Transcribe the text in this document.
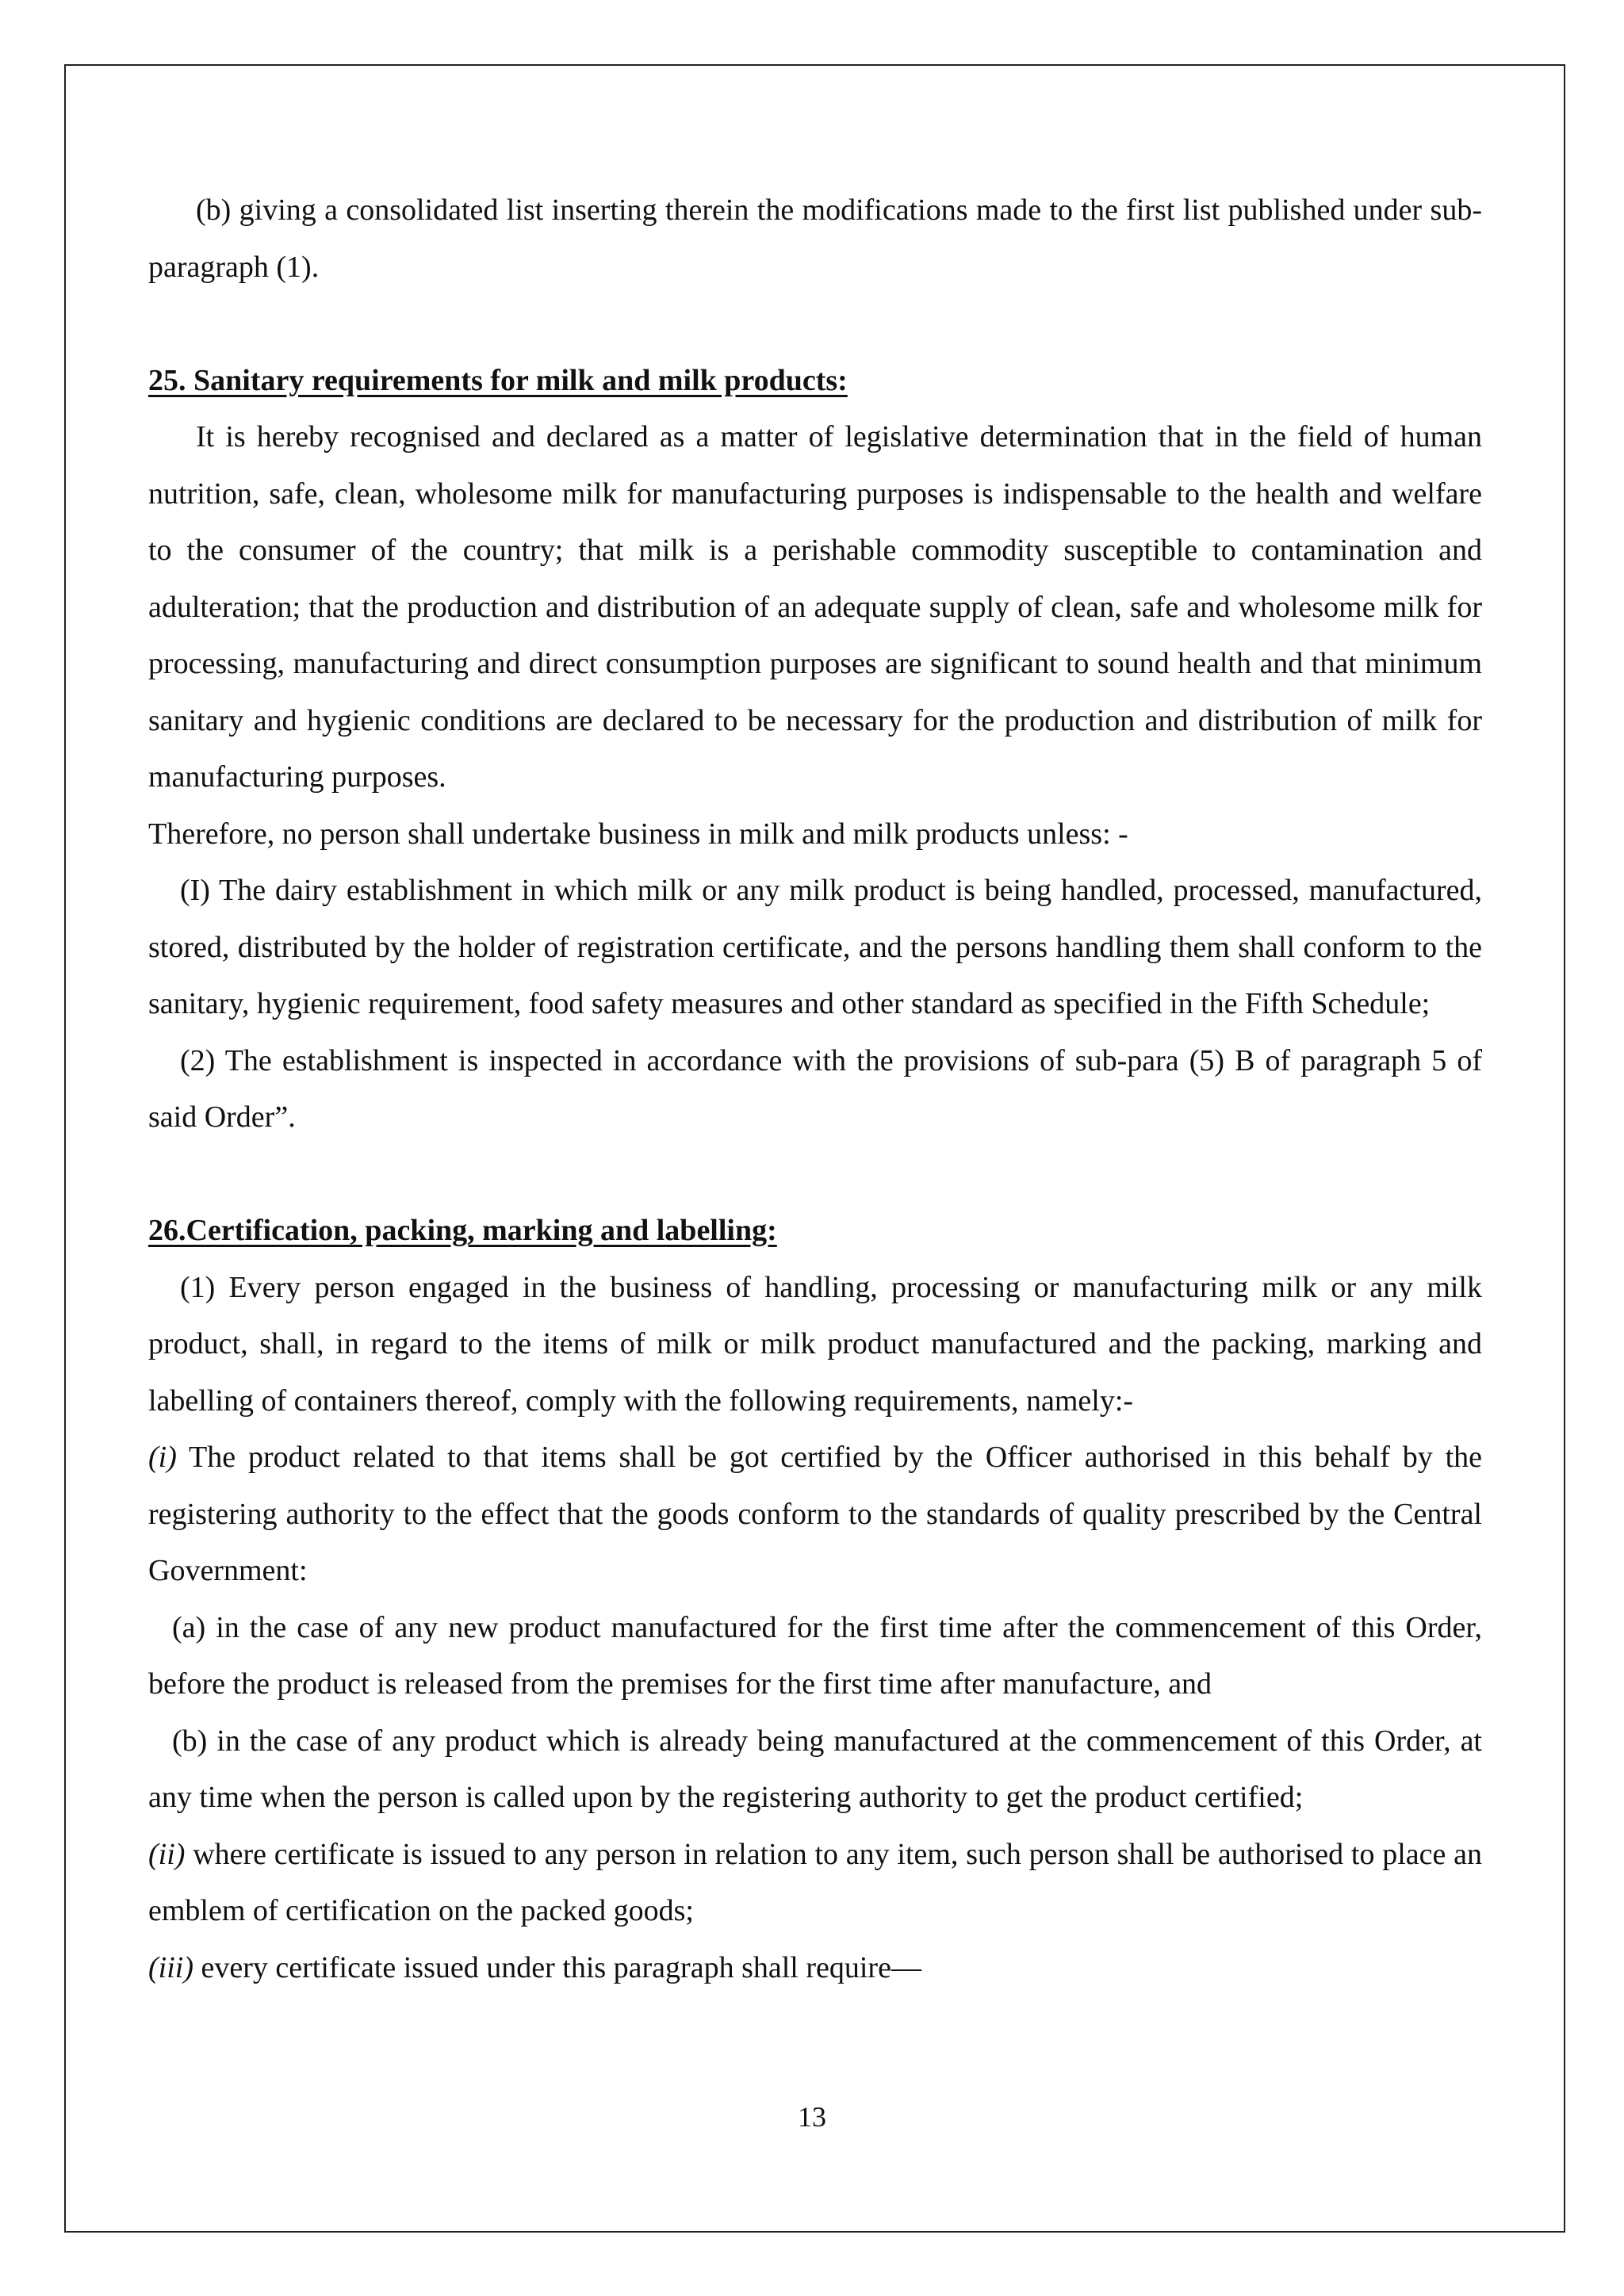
(b) giving a consolidated list inserting therein the modifications made to the first list published under sub-paragraph (1).

25. Sanitary requirements for milk and milk products:

It is hereby recognised and declared as a matter of legislative determination that in the field of human nutrition, safe, clean, wholesome milk for manufacturing purposes is indispensable to the health and welfare to the consumer of the country; that milk is a perishable commodity susceptible to contamination and adulteration; that the production and distribution of an adequate supply of clean, safe and wholesome milk for processing, manufacturing and direct consumption purposes are significant to sound health and that minimum sanitary and hygienic conditions are declared to be necessary for the production and distribution of milk for manufacturing purposes.

Therefore, no person shall undertake business in milk and milk products unless: -

(I) The dairy establishment in which milk or any milk product is being handled, processed, manufactured, stored, distributed by the holder of registration certificate, and the persons handling them shall conform to the sanitary, hygienic requirement, food safety measures and other standard as specified in the Fifth Schedule;

(2) The establishment is inspected in accordance with the provisions of sub-para (5) B of paragraph 5 of said Order”.

26.Certification, packing, marking and labelling:

(1) Every person engaged in the business of handling, processing or manufacturing milk or any milk product, shall, in regard to the items of milk or milk product manufactured and the packing, marking and labelling of containers thereof, comply with the following requirements, namely:-

(i) The product related to that items shall be got certified by the Officer authorised in this behalf by the registering authority to the effect that the goods conform to the standards of quality prescribed by the Central Government:

(a) in the case of any new product manufactured for the first time after the commencement of this Order, before the product is released from the premises for the first time after manufacture, and

(b) in the case of any product which is already being manufactured at the commencement of this Order, at any time when the person is called upon by the registering authority to get the product certified;

(ii) where certificate is issued to any person in relation to any item, such person shall be authorised to place an emblem of certification on the packed goods;

(iii) every certificate issued under this paragraph shall require—

13
